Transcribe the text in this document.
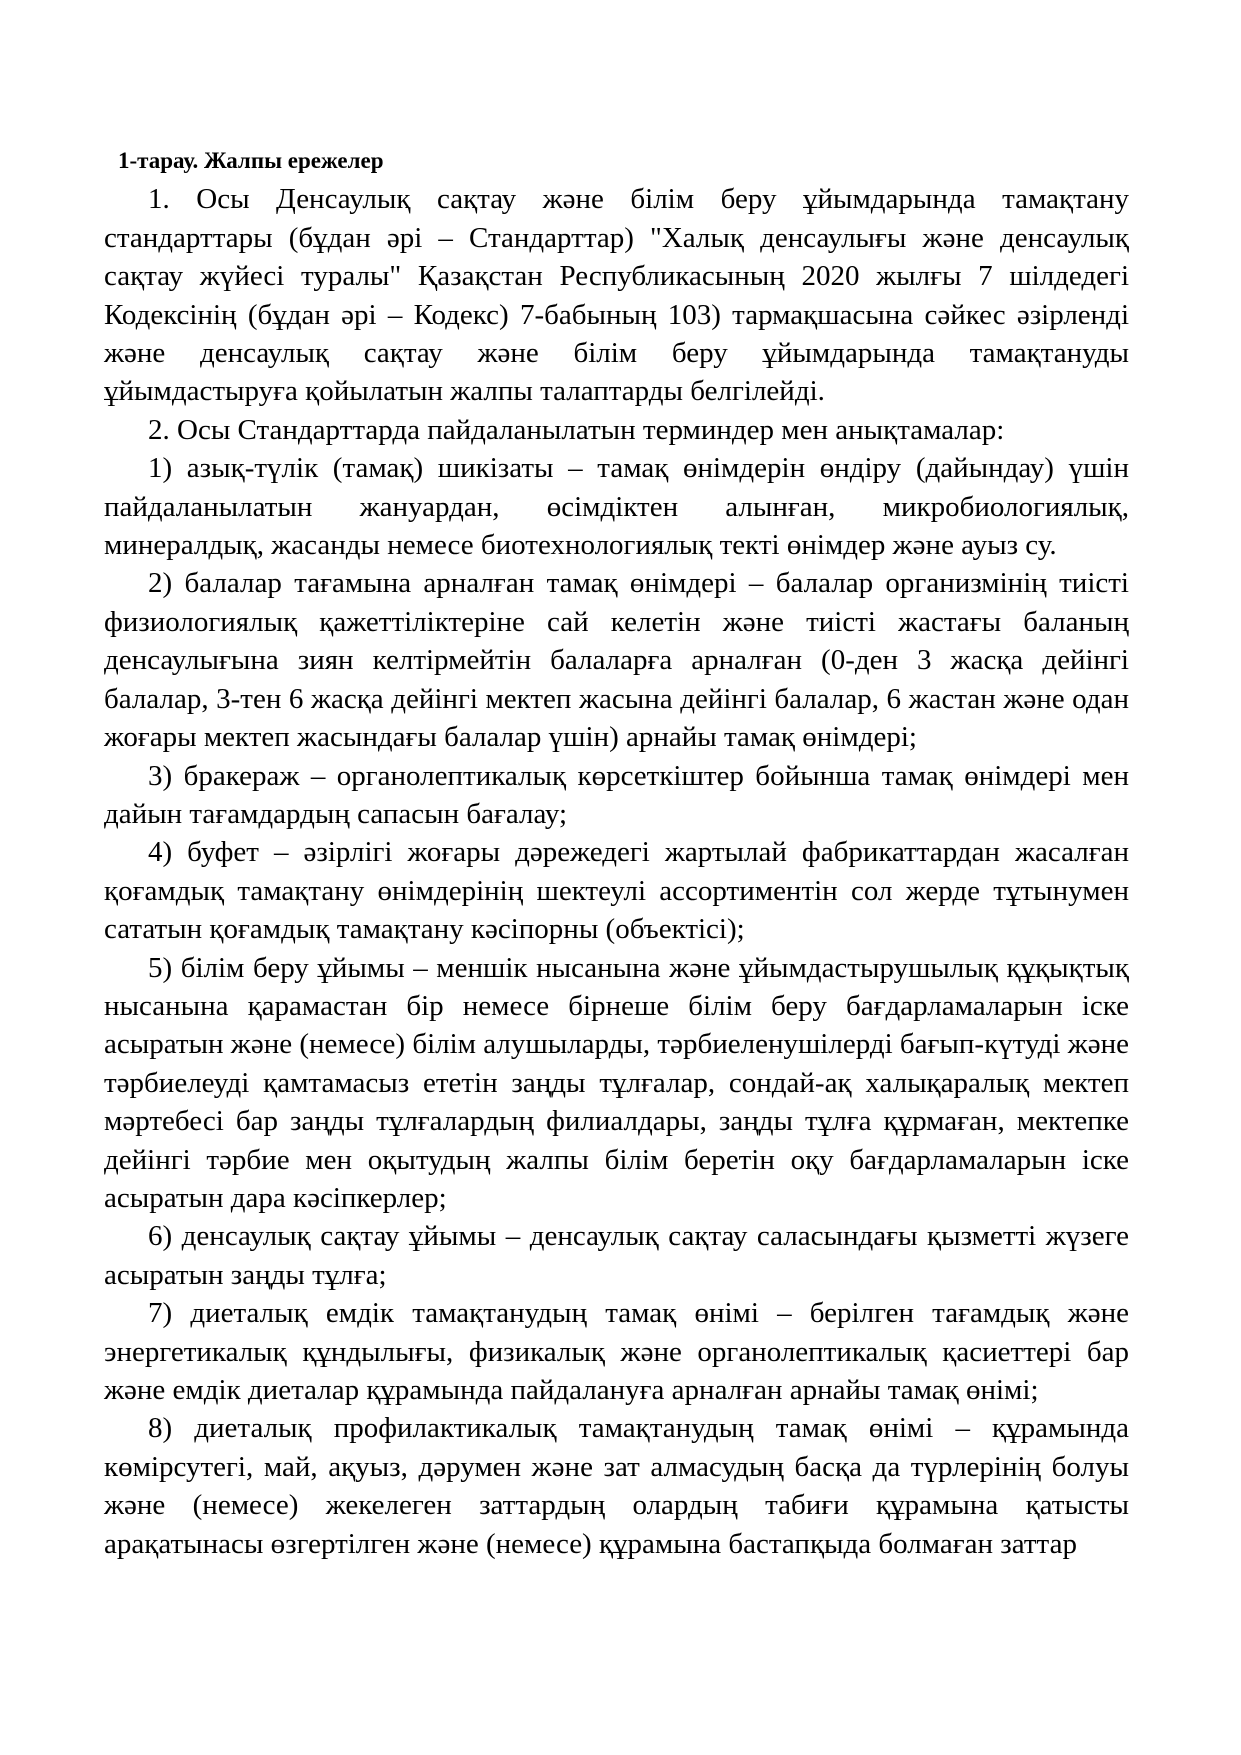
1-тарау. Жалпы ережелер

1. Осы Денсаулық сақтау және білім беру ұйымдарында тамақтану стандарттары (бұдан әрі – Стандарттар) "Халық денсаулығы және денсаулық сақтау жүйесі туралы" Қазақстан Республикасының 2020 жылғы 7 шілдедегі Кодексінің (бұдан әрі – Кодекс) 7-бабының 103) тармақшасына сәйкес әзірленді және денсаулық сақтау және білім беру ұйымдарында тамақтануды ұйымдастыруға қойылатын жалпы талаптарды белгілейді.

2. Осы Стандарттарда пайдаланылатын терминдер мен анықтамалар:

1) азық-түлік (тамақ) шикізаты – тамақ өнімдерін өндіру (дайындау) үшін пайдаланылатын жануардан, өсімдіктен алынған, микробиологиялық, минералдық, жасанды немесе биотехнологиялық текті өнімдер және ауыз су.

2) балалар тағамына арналған тамақ өнімдері – балалар организмінің тиісті физиологиялық қажеттіліктеріне сай келетін және тиісті жастағы баланың денсаулығына зиян келтірмейтін балаларға арналған (0-ден 3 жасқа дейінгі балалар, 3-тен 6 жасқа дейінгі мектеп жасына дейінгі балалар, 6 жастан және одан жоғары мектеп жасындағы балалар үшін) арнайы тамақ өнімдері;

3) бракераж – органолептикалық көрсеткіштер бойынша тамақ өнімдері мен дайын тағамдардың сапасын бағалау;

4) буфет – әзірлігі жоғары дәрежедегі жартылай фабрикаттардан жасалған қоғамдық тамақтану өнімдерінің шектеулі ассортиментін сол жерде тұтынумен сататын қоғамдық тамақтану кәсіпорны (объектісі);

5) білім беру ұйымы – меншік нысанына және ұйымдастырушылық құқықтық нысанына қарамастан бір немесе бірнеше білім беру бағдарламаларын іске асыратын және (немесе) білім алушыларды, тәрбиеленушілерді бағып-күтуді және тәрбиелеуді қамтамасыз ететін заңды тұлғалар, сондай-ақ халықаралық мектеп мәртебесі бар заңды тұлғалардың филиалдары, заңды тұлға құрмаған, мектепке дейінгі тәрбие мен оқытудың жалпы білім беретін оқу бағдарламаларын іске асыратын дара кәсіпкерлер;

6) денсаулық сақтау ұйымы – денсаулық сақтау саласындағы қызметті жүзеге асыратын заңды тұлға;

7) диеталық емдік тамақтанудың тамақ өнімі – берілген тағамдық және энергетикалық құндылығы, физикалық және органолептикалық қасиеттері бар және емдік диеталар құрамында пайдалануға арналған арнайы тамақ өнімі;

8) диеталық профилактикалық тамақтанудың тамақ өнімі – құрамында көмірсутегі, май, ақуыз, дәрумен және зат алмасудың басқа да түрлерінің болуы және (немесе) жекелеген заттардың олардың табиғи құрамына қатысты арақатынасы өзгертілген және (немесе) құрамына бастапқыда болмаған заттар
